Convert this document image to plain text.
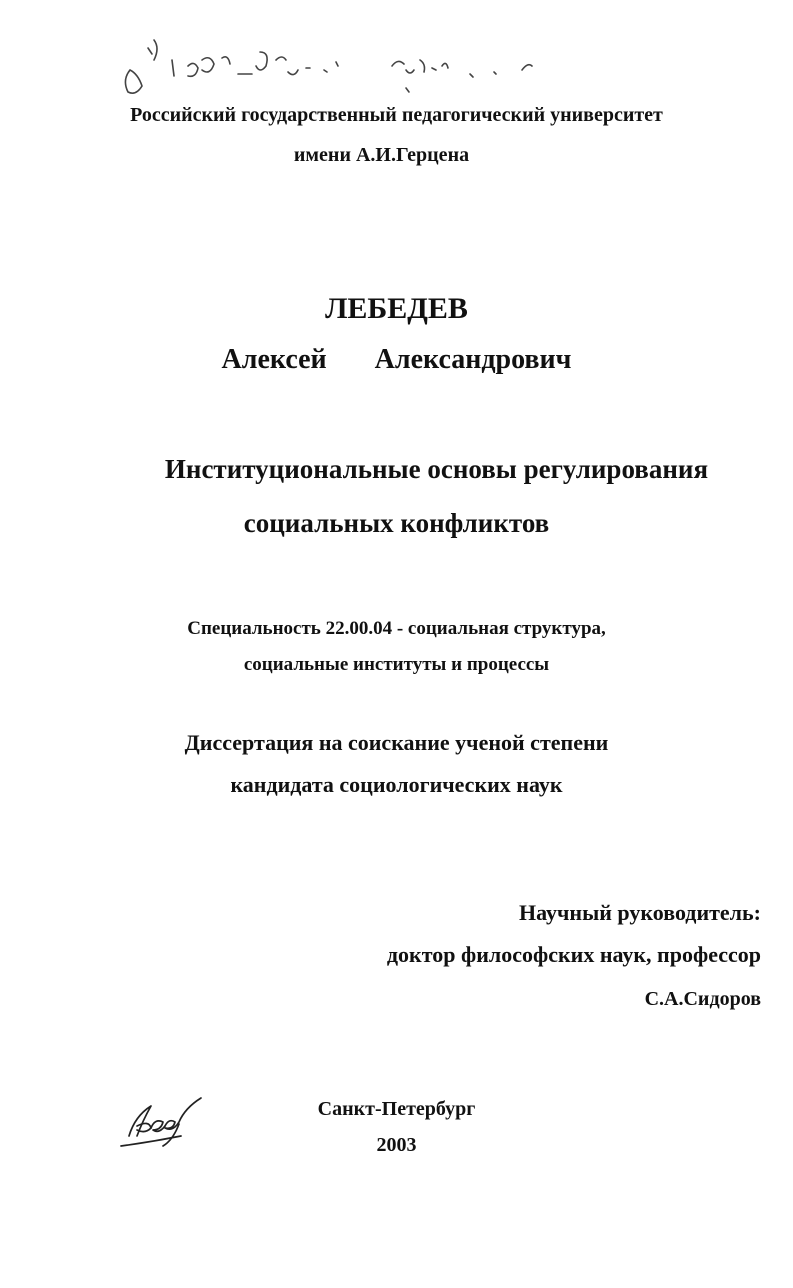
Российский государственный педагогический университет
имени А.И.Герцена
ЛЕБЕДЕВ
Алексей Александрович
Институциональные основы регулирования
социальных конфликтов
Специальность 22.00.04 - социальная структура,
социальные институты и процессы
Диссертация на соискание ученой степени
кандидата социологических наук
Научный руководитель:
доктор философских наук, профессор
С.А.Сидоров
Санкт-Петербург
2003
